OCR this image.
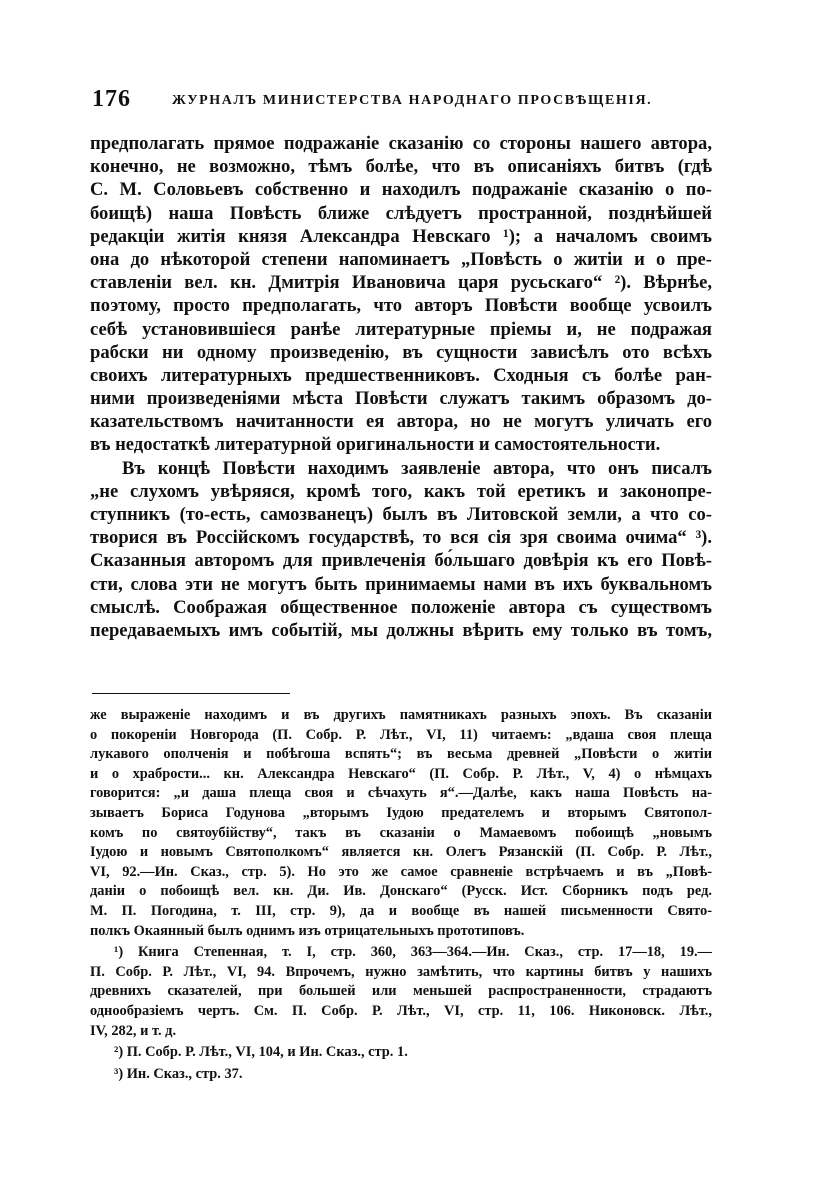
176	ЖУРНАЛЪ МИНИСТЕРСТВА НАРОДНАГО ПРОСВѢЩЕНІЯ.
предполагать прямое подражаніе сказанію со стороны нашего автора,
конечно, не возможно, тѣмъ болѣе, что въ описаніяхъ битвъ (гдѣ
С. М. Соловьевъ собственно и находилъ подражаніе сказанію о по-
боищѣ) наша Повѣсть ближе слѣдуетъ пространной, позднѣйшей
редакціи житія князя Александра Невскаго ¹); а началомъ своимъ
она до нѣкоторой степени напоминаетъ „Повѣсть о житіи и о пре-
ставленіи вел. кн. Дмитрія Ивановича царя русьскаго“ ²). Вѣрнѣе,
поэтому, просто предполагать, что авторъ Повѣсти вообще усвоилъ
себѣ установившіеся ранѣе литературные пріемы и, не подражая
рабски ни одному произведенію, въ сущности зависѣлъ ото всѣхъ
своихъ литературныхъ предшественниковъ. Сходныя съ болѣе ран-
ними произведеніями мѣста Повѣсти служатъ такимъ образомъ до-
казательствомъ начитанности ея автора, но не могутъ уличать его
въ недостаткѣ литературной оригинальности и самостоятельности.
Въ концѣ Повѣсти находимъ заявленіе автора, что онъ писалъ
„не слухомъ увѣряяся, кромѣ того, какъ той еретикъ и законопре-
ступникъ (то-есть, самозванецъ) былъ въ Литовской земли, а что со-
творися въ Россійскомъ государствѣ, то вся сія зря своима очима“ ³).
Сказанныя авторомъ для привлеченія бо́льшаго довѣрія къ его Повѣ-
сти, слова эти не могутъ быть принимаемы нами въ ихъ буквальномъ
смыслѣ. Соображая общественное положеніе автора съ существомъ
передаваемыхъ имъ событій, мы должны вѣрить ему только въ томъ,
же выраженіе находимъ и въ другихъ памятникахъ разныхъ эпохъ. Въ сказаніи
о покореніи Новгорода (П. Собр. Р. Лѣт., VI, 11) читаемъ: „вдаша своя плеща
лукавого ополченія и побѣгоша вспять“; въ весьма древней „Повѣсти о житіи
и о храбрости... кн. Александра Невскаго“ (П. Собр. Р. Лѣт., V, 4) о нѣмцахъ
говорится: „и даша плеща своя и сѣчахуть я“.—Далѣе, какъ наша Повѣсть на-
зываетъ Бориса Годунова „вторымъ Іудою предателемъ и вторымъ Святопол-
комъ по святоубійству“, такъ въ сказаніи о Мамаевомъ побоищѣ „новымъ
Іудою и новымъ Святополкомъ“ является кн. Олегъ Рязанскій (П. Собр. Р. Лѣт.,
VI, 92.—Ин. Сказ., стр. 5). Но это же самое сравненіе встрѣчаемъ и въ „Повѣ-
даніи о побоищѣ вел. кн. Ди. Ив. Донскаго“ (Русск. Ист. Сборникъ подъ ред.
М. П. Погодина, т. III, стр. 9), да и вообще въ нашей письменности Свято-
полкъ Окаянный былъ однимъ изъ отрицательныхъ прототиповъ.
¹) Книга Степенная, т. I, стр. 360, 363—364.—Ин. Сказ., стр. 17—18, 19.—
П. Собр. Р. Лѣт., VI, 94. Впрочемъ, нужно замѣтить, что картины битвъ у нашихъ
древнихъ сказателей, при большей или меньшей распространенности, страдаютъ
однообразіемъ чертъ. См. П. Собр. Р. Лѣт., VI, стр. 11, 106. Никоновск. Лѣт.,
IV, 282, и т. д.
²) П. Собр. Р. Лѣт., VI, 104, и Ин. Сказ., стр. 1.
³) Ин. Сказ., стр. 37.
